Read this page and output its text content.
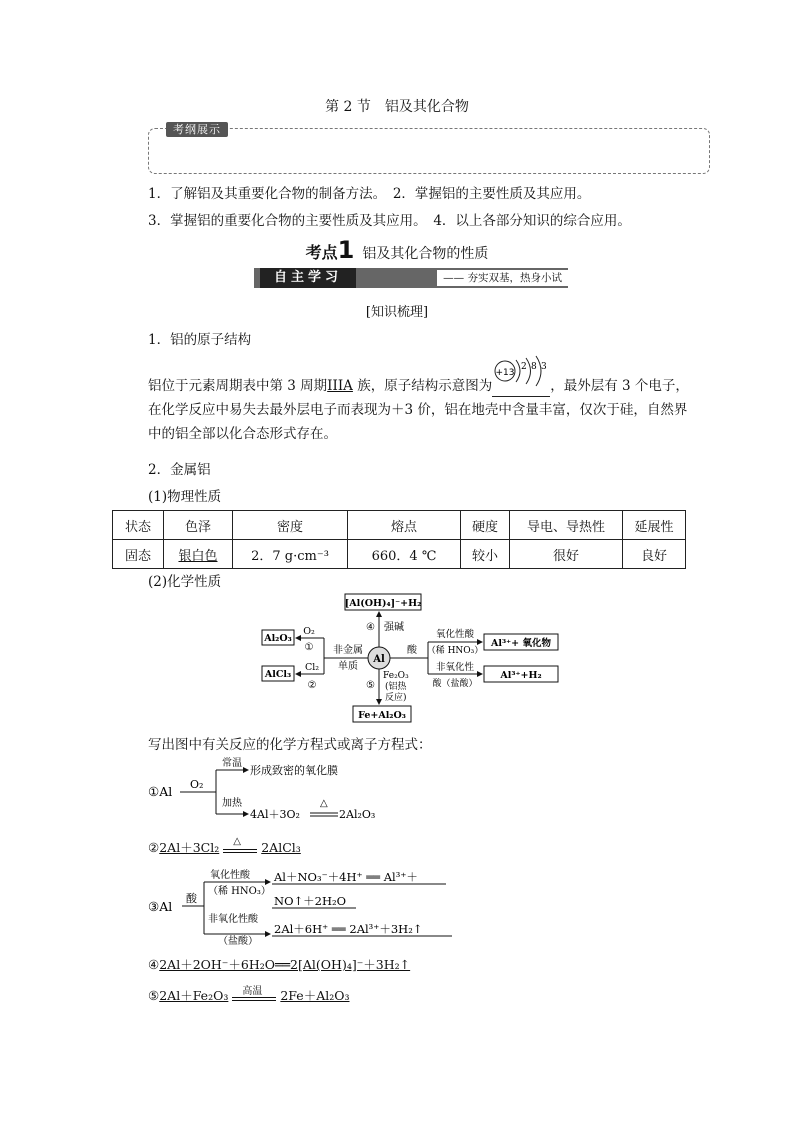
第 2 节　铝及其化合物
考纲展示
1．了解铝及其重要化合物的制备方法。　2．掌握铝的主要性质及其应用。
3．掌握铝的重要化合物的主要性质及其应用。　4．以上各部分知识的综合应用。
考点1 铝及其化合物的性质
自主学习	—— 夯实双基，热身小试
[知识梳理]
1．铝的原子结构
铝位于元素周期表中第 3 周期IIIA 族，原子结构示意图为	，最外层有 3 个电子，
+13
2 8 3
在化学反应中易失去最外层电子而表现为＋3 价，铝在地壳中含量丰富，仅次于硅，自然界
中的铝全部以化合态形式存在。
2．金属铝
(1)物理性质
状态	色泽	密度	熔点	硬度	导电、导热性	延展性
固态	银白色	2．7 g·cm⁻³	660．4 ℃	较小	很好	良好
(2)化学性质
Al
[Al(OH)₄]⁻+H₂
④ 强碱
Al₂O₃
O₂
①
AlCl₃
Cl₂
②
非金属
单质
酸
氧化性酸
（稀 HNO₃）
非氧化性
酸（盐酸）
Al³⁺+ 氧化物
Al³⁺+H₂
⑤
Fe₂O₃
(铝热
反应)
Fe+Al₂O₃
写出图中有关反应的化学方程式或离子方程式：
①Al O₂
常温
形成致密的氧化膜
加热
4Al＋3O₂
△
2Al₂O₃
②2Al＋3Cl₂ △ 2AlCl₃
③Al
酸
氧化性酸
（稀 HNO₃）
Al＋NO₃⁻＋4H⁺ ══ Al³⁺＋
NO↑＋2H₂O
非氧化性酸
（盐酸）
2Al＋6H⁺ ══ 2Al³⁺＋3H₂↑
④2Al＋2OH⁻＋6H₂O══2[Al(OH)₄]⁻＋3H₂↑
⑤2Al＋Fe₂O₃ 高温 2Fe＋Al₂O₃
